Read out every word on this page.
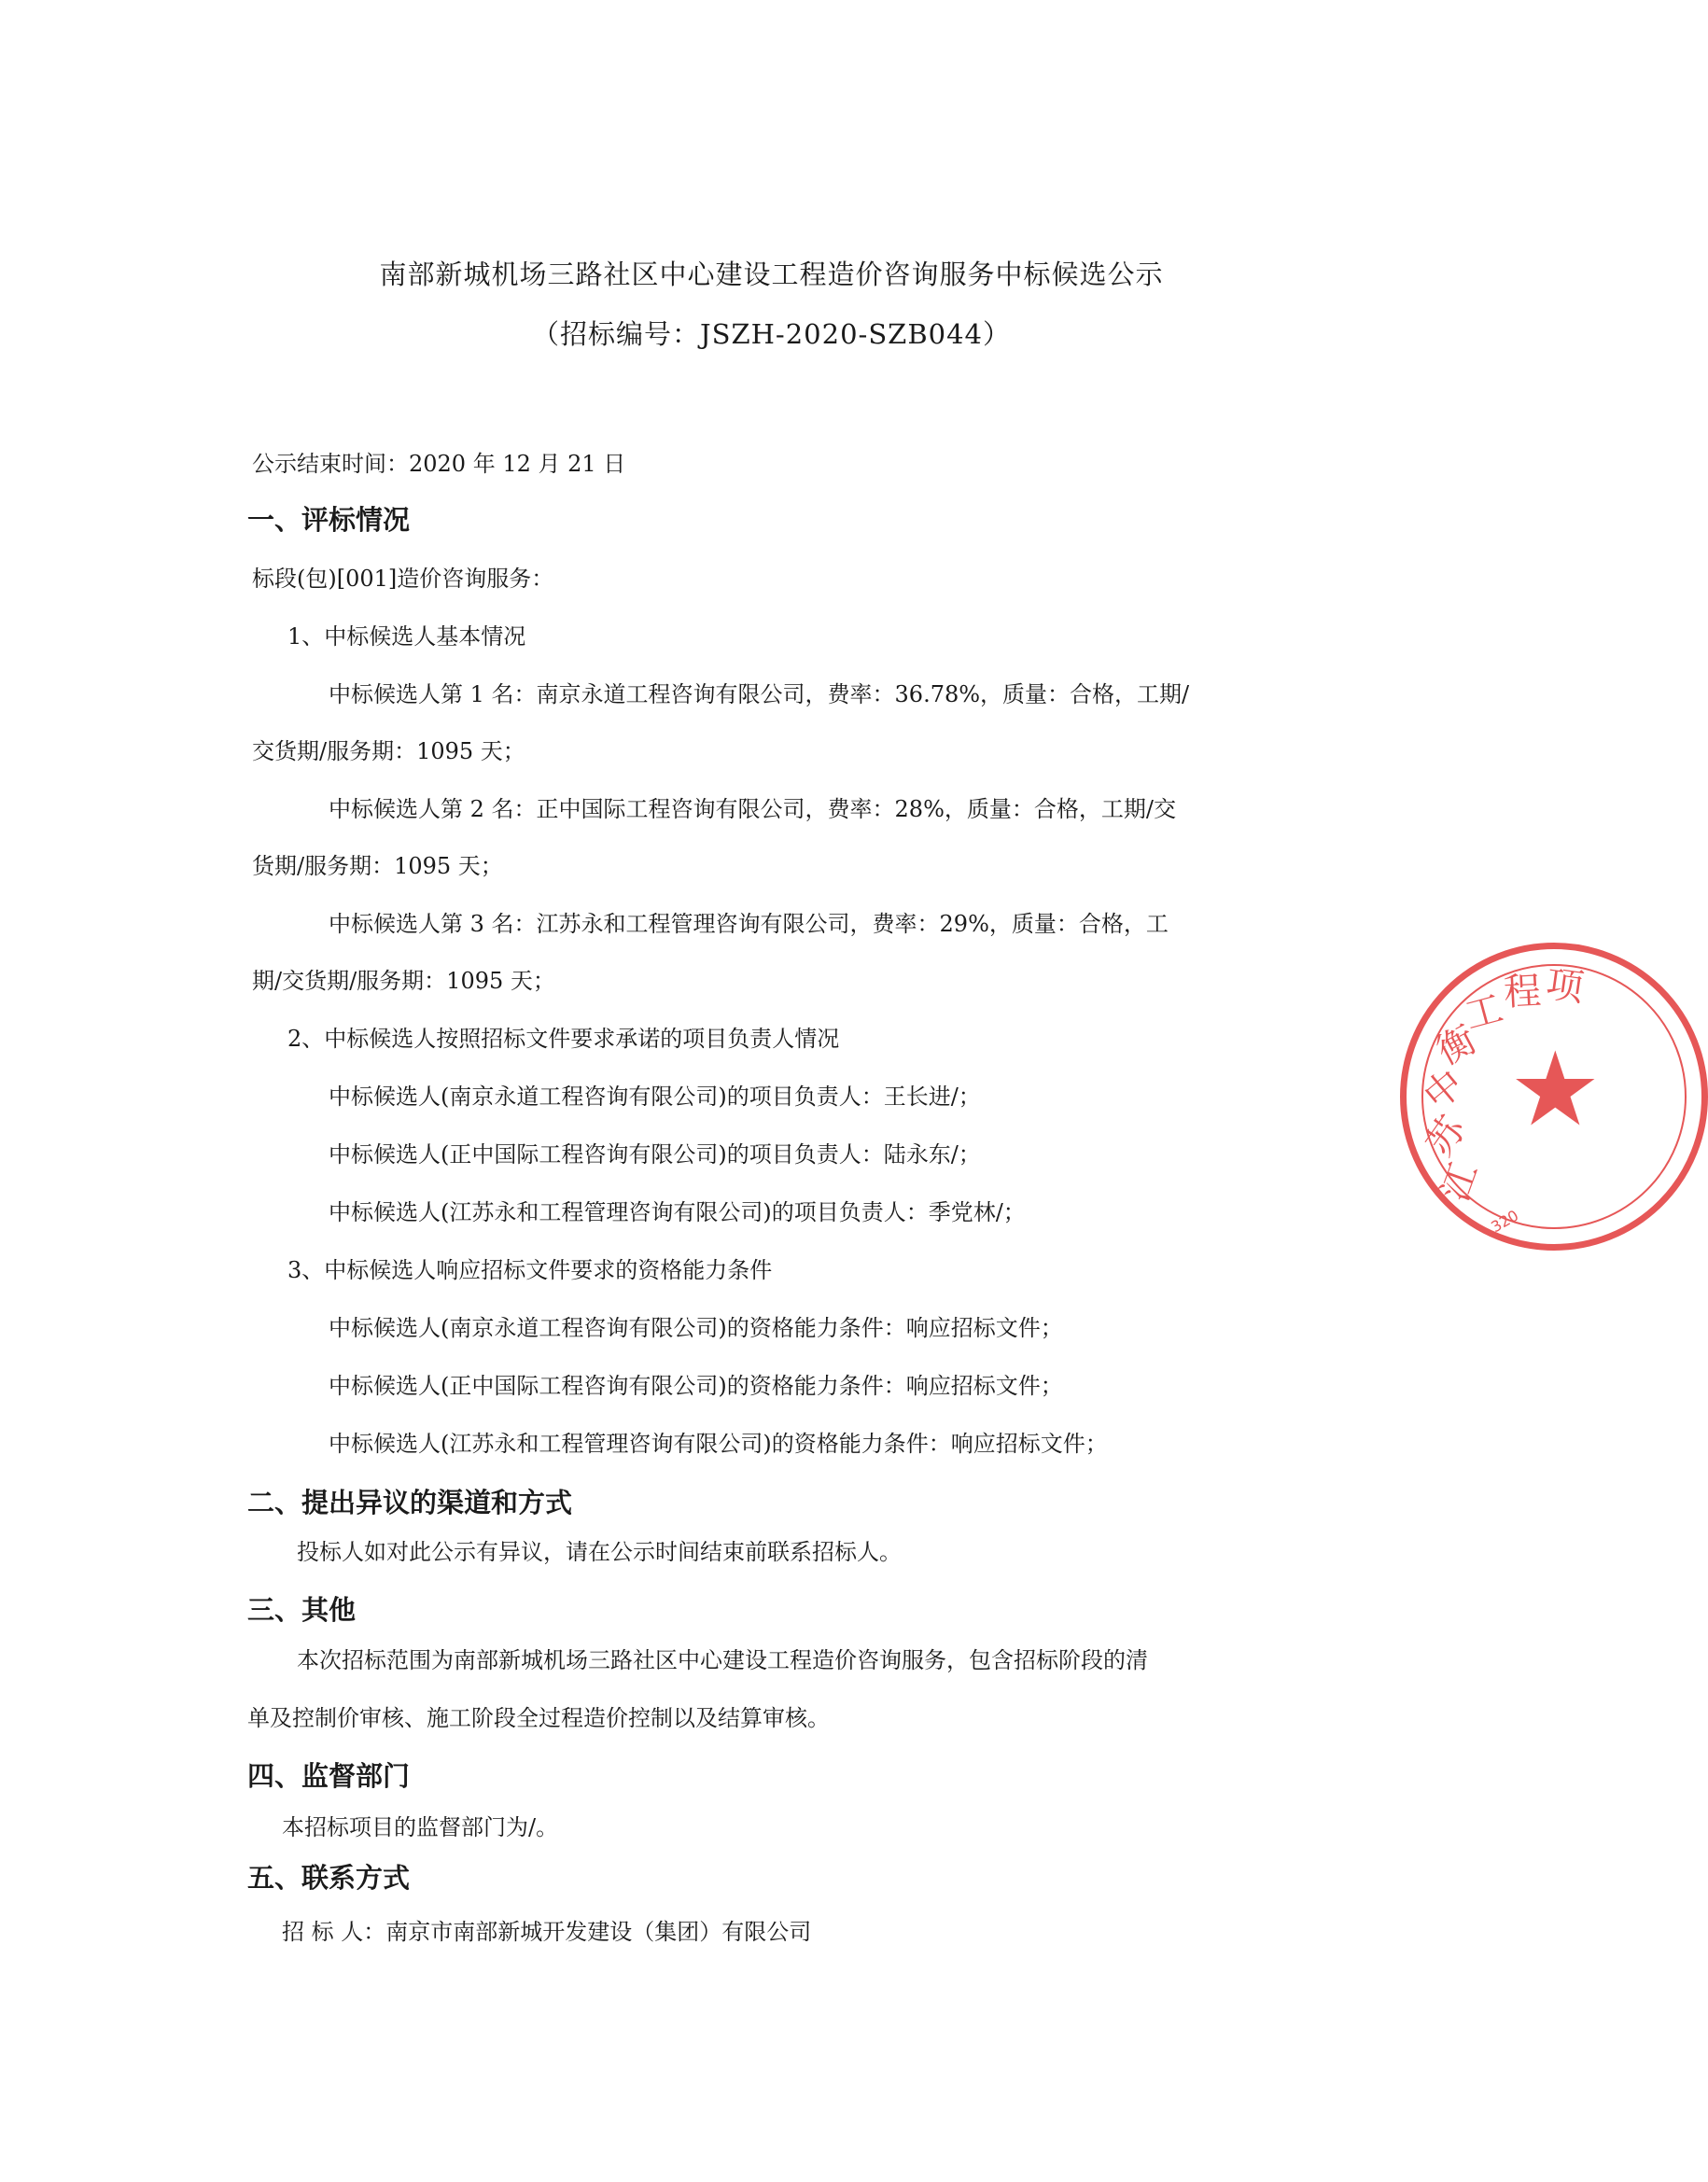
南部新城机场三路社区中心建设工程造价咨询服务中标候选公示
（招标编号：JSZH-2020-SZB044）
公示结束时间：2020 年 12 月 21 日
一、评标情况
标段(包)[001]造价咨询服务：
1、中标候选人基本情况
中标候选人第 1 名：南京永道工程咨询有限公司，费率：36.78%，质量：合格，工期/
交货期/服务期：1095 天；
中标候选人第 2 名：正中国际工程咨询有限公司，费率：28%，质量：合格，工期/交
货期/服务期：1095 天；
中标候选人第 3 名：江苏永和工程管理咨询有限公司，费率：29%，质量：合格，工
期/交货期/服务期：1095 天；
2、中标候选人按照招标文件要求承诺的项目负责人情况
中标候选人(南京永道工程咨询有限公司)的项目负责人：王长进/；
中标候选人(正中国际工程咨询有限公司)的项目负责人：陆永东/；
中标候选人(江苏永和工程管理咨询有限公司)的项目负责人：季党林/；
3、中标候选人响应招标文件要求的资格能力条件
中标候选人(南京永道工程咨询有限公司)的资格能力条件：响应招标文件；
中标候选人(正中国际工程咨询有限公司)的资格能力条件：响应招标文件；
中标候选人(江苏永和工程管理咨询有限公司)的资格能力条件：响应招标文件；
二、提出异议的渠道和方式
投标人如对此公示有异议，请在公示时间结束前联系招标人。
三、其他
本次招标范围为南部新城机场三路社区中心建设工程造价咨询服务，包含招标阶段的清
单及控制价审核、施工阶段全过程造价控制以及结算审核。
四、监督部门
本招标项目的监督部门为/。
五、联系方式
招 标 人：南京市南部新城开发建设（集团）有限公司
★
江
苏
中
衡
工
程 项
320
